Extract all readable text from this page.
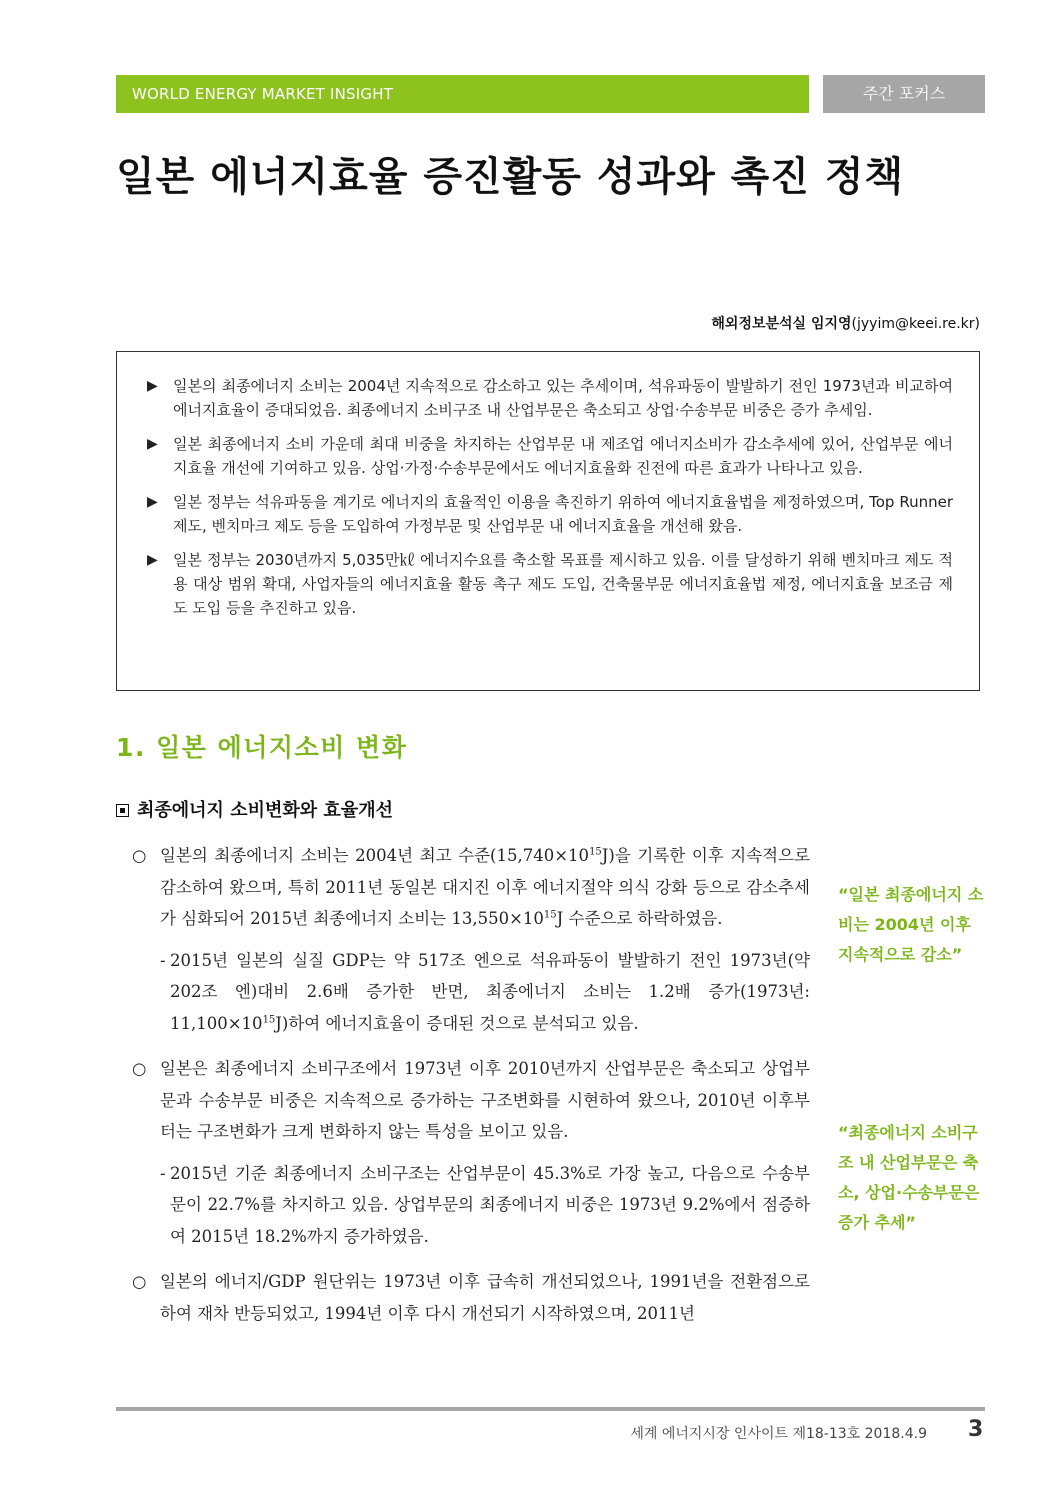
WORLD ENERGY MARKET INSIGHT	주간 포커스
일본 에너지효율 증진활동 성과와 촉진 정책
해외정보분석실 임지영(jyyim@keei.re.kr)
▶ 일본의 최종에너지 소비는 2004년 지속적으로 감소하고 있는 추세이며, 석유파동이 발발하기 전인 1973년과 비교하여 에너지효율이 증대되었음. 최종에너지 소비구조 내 산업부문은 축소되고 상업·수송부문 비중은 증가 추세임.
▶ 일본 최종에너지 소비 가운데 최대 비중을 차지하는 산업부문 내 제조업 에너지소비가 감소추세에 있어, 산업부문 에너지효율 개선에 기여하고 있음. 상업·가정·수송부문에서도 에너지효율화 진전에 따른 효과가 나타나고 있음.
▶ 일본 정부는 석유파동을 계기로 에너지의 효율적인 이용을 촉진하기 위하여 에너지효율법을 제정하였으며, Top Runner제도, 벤치마크 제도 등을 도입하여 가정부문 및 산업부문 내 에너지효율을 개선해 왔음.
▶ 일본 정부는 2030년까지 5,035만㎘ 에너지수요를 축소할 목표를 제시하고 있음. 이를 달성하기 위해 벤치마크 제도 적용 대상 범위 확대, 사업자들의 에너지효율 활동 촉구 제도 도입, 건축물부문 에너지효율법 제정, 에너지효율 보조금 제도 도입 등을 추진하고 있음.
1. 일본 에너지소비 변화
최종에너지 소비변화와 효율개선
○ 일본의 최종에너지 소비는 2004년 최고 수준$(15,740\times 10^{15}J)$을 기록한 이후 지속적으로 감소하여 왔으며, 특히 2011년 동일본 대지진 이후 에너지절약 의식 강화 등으로 감소추세가 심화되어 2015년 최종에너지 소비는 $13,550\times 10^{15}J$ 수준으로 하락하였음.
- 2015년 일본의 실질 GDP는 약 517조 엔으로 석유파동이 발발하기 전인 1973년(약 202조 엔)대비 2.6배 증가한 반면, 최종에너지 소비는 1.2배 증가(1973년: $11,100\times 10^{15}J$)하여 에너지효율이 증대된 것으로 분석되고 있음.
○ 일본은 최종에너지 소비구조에서 1973년 이후 2010년까지 산업부문은 축소되고 상업부문과 수송부문 비중은 지속적으로 증가하는 구조변화를 시현하여 왔으나, 2010년 이후부터는 구조변화가 크게 변화하지 않는 특성을 보이고 있음.
- 2015년 기준 최종에너지 소비구조는 산업부문이 45.3%로 가장 높고, 다음으로 수송부문이 22.7%를 차지하고 있음. 상업부문의 최종에너지 비중은 1973년 9.2%에서 점증하여 2015년 18.2%까지 증가하였음.
○ 일본의 에너지/GDP 원단위는 1973년 이후 급속히 개선되었으나, 1991년을 전환점으로 하여 재차 반등되었고, 1994년 이후 다시 개선되기 시작하였으며, 2011년
“일본 최종에너지 소비는 2004년 이후 지속적으로 감소”
“최종에너지 소비구조 내 산업부문은 축소, 상업·수송부문은 증가 추세”
세계 에너지시장 인사이트 제18-13호 2018.4.9 3
